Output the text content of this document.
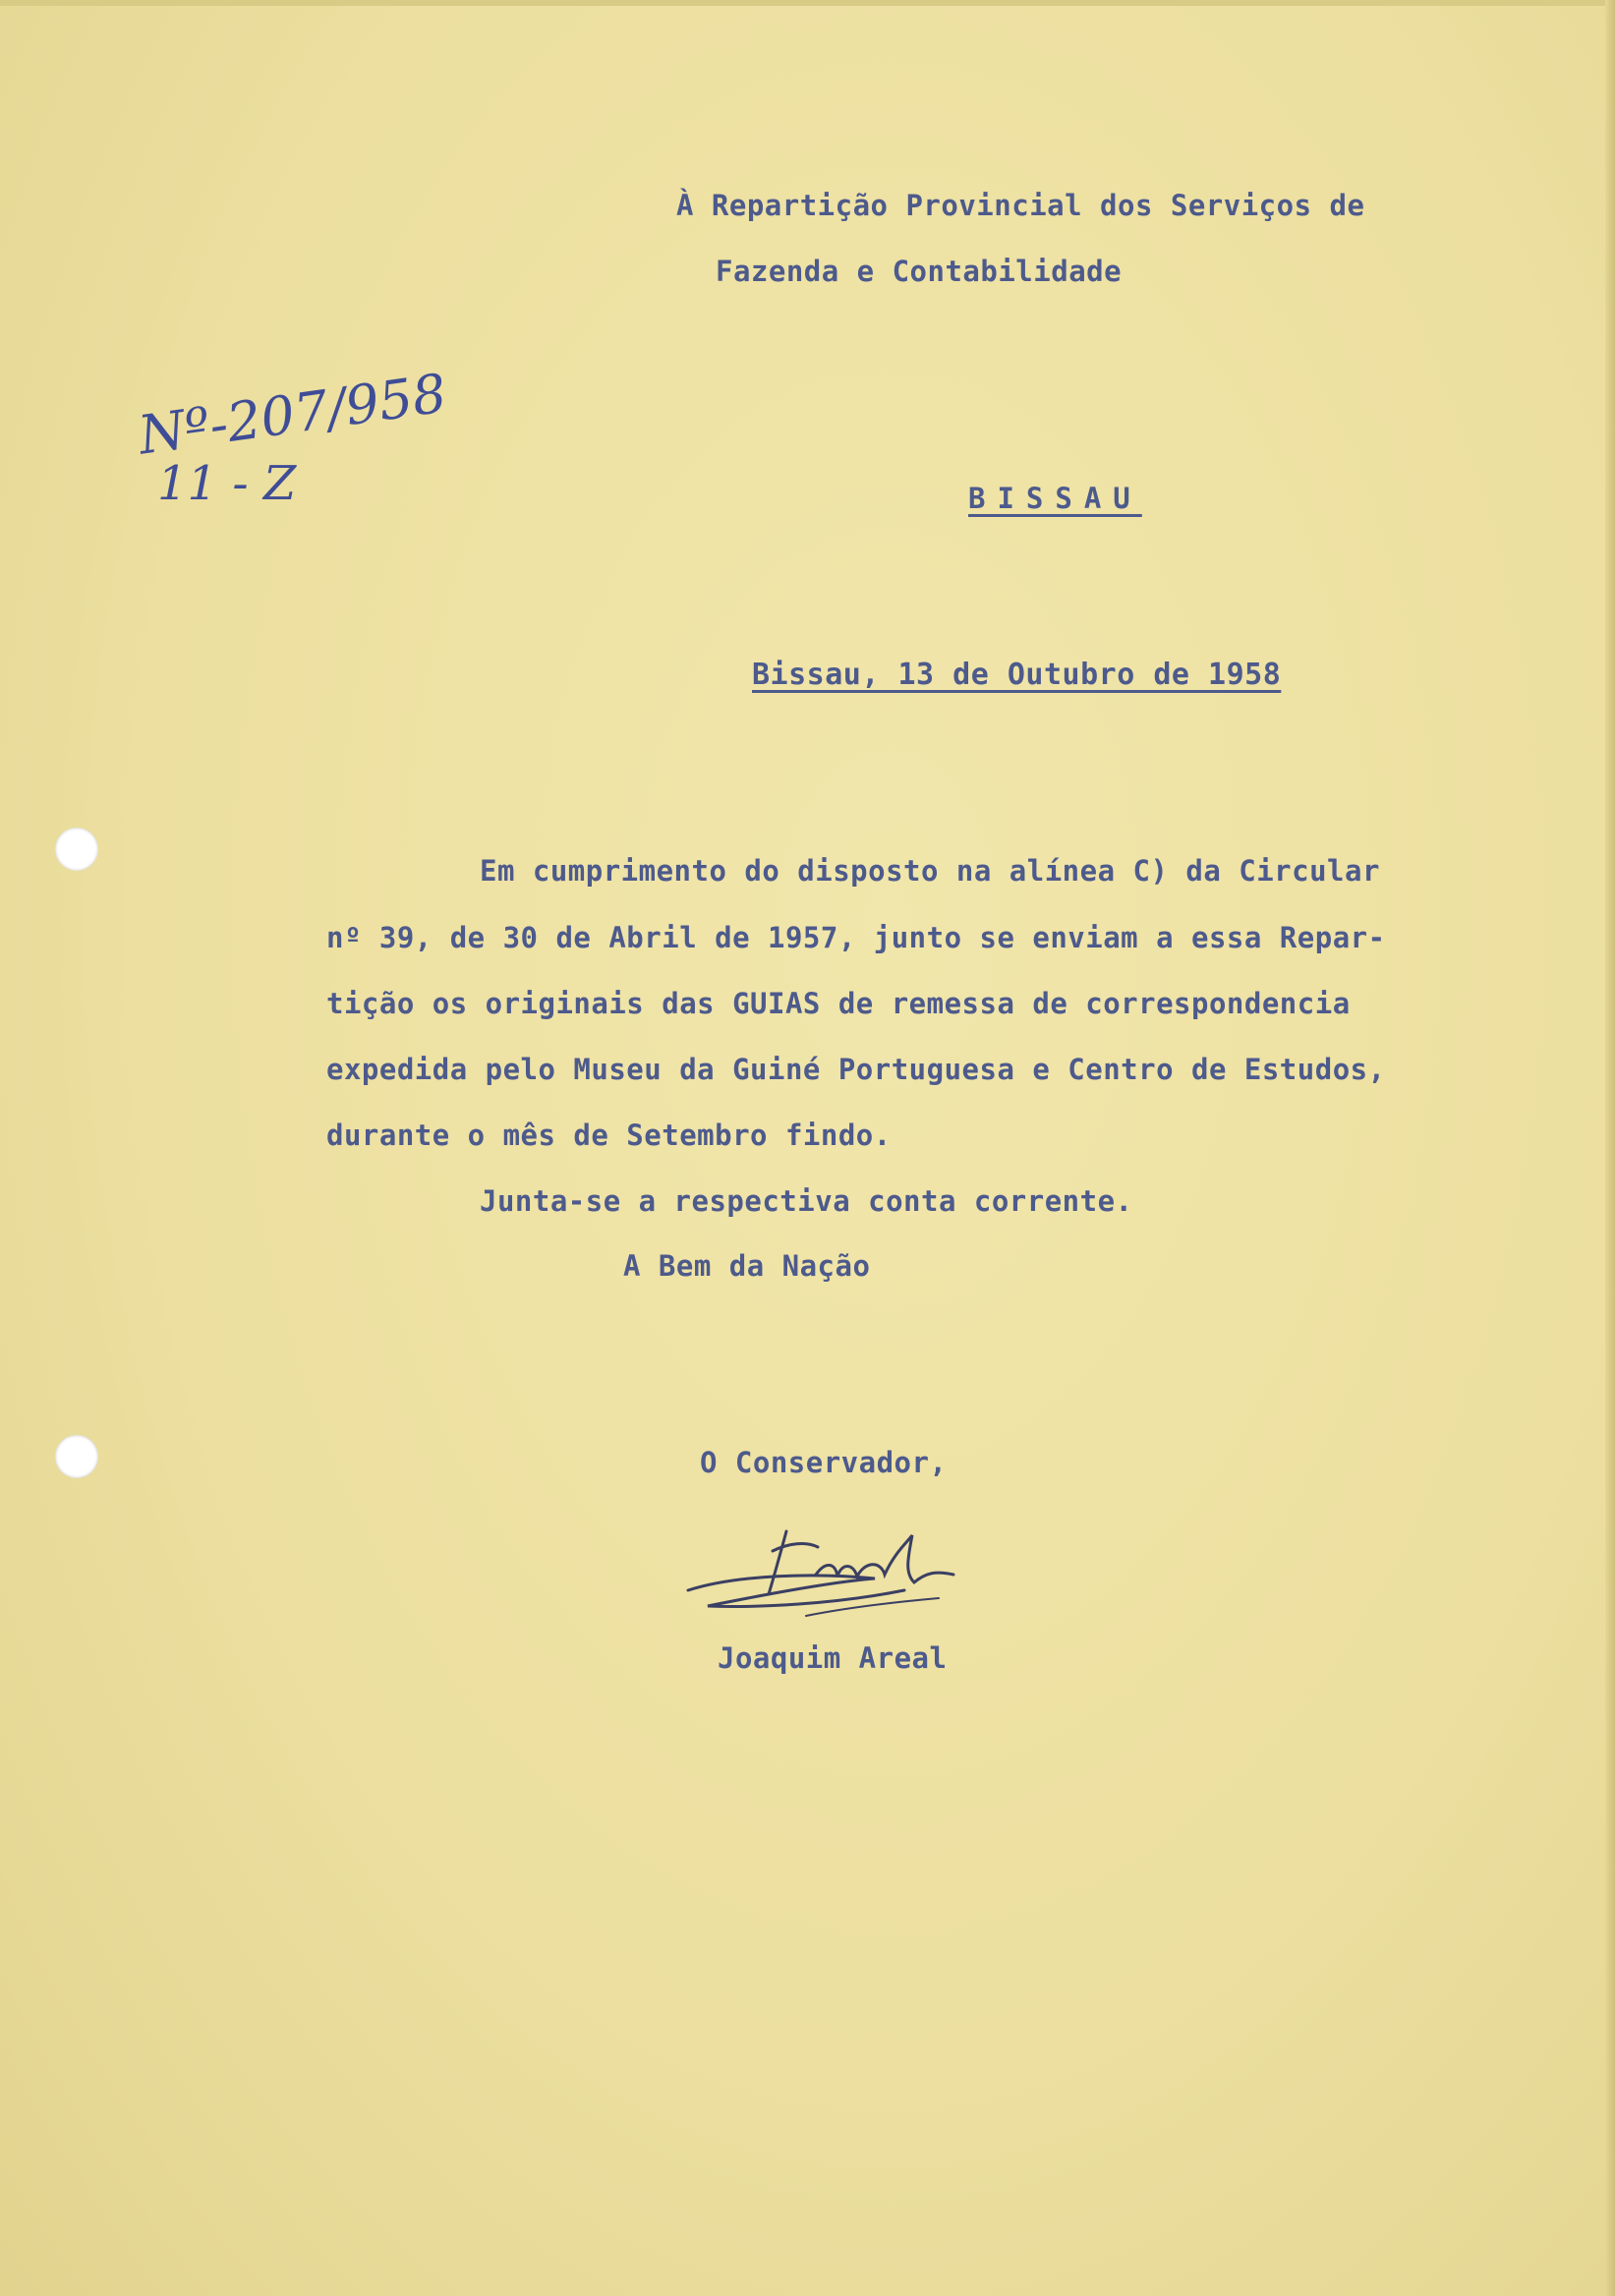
À Repartição Provincial dos Serviços de
Fazenda e Contabilidade
Nº-207/958
11 - Z	BISSAU
Bissau, 13 de Outubro de 1958
Em cumprimento do disposto na alínea C) da Circular
nº 39, de 30 de Abril de 1957, junto se enviam a essa Repar-
tição os originais das GUIAS de remessa de correspondencia
expedida pelo Museu da Guiné Portuguesa e Centro de Estudos,
durante o mês de Setembro findo.
Junta-se a respectiva conta corrente.
A Bem da Nação
O Conservador,
Joaquim Areal
